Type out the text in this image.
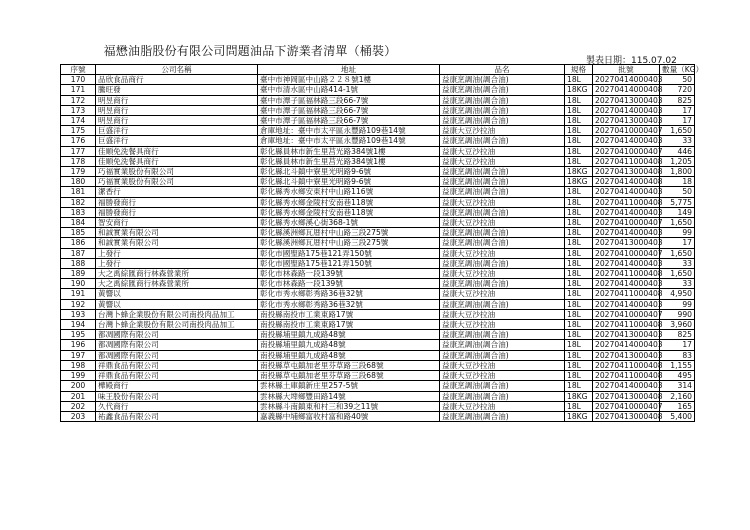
福懋油脂股份有限公司問題油品下游業者清單（桶裝）
製表日期：115.07.02
序號	公司名稱	地址	品名	規格	批號	數量（KG）
170	品欣食品商行	臺中市神岡區中山路２２８號1樓	益康烹調油(調合油)	18L	20270414000403	50
171	騰旺發	臺中市清水區中山路414-1號	益康烹調油(調合油)	18KG	20270414000408	720
172	明昱商行	臺中市潭子區福林路三段66-7號	益康烹調油(調合油)	18L	20270413000403	825
173	明昱商行	臺中市潭子區福林路三段66-7號	益康烹調油(調合油)	18L	20270414000403	17
174	明昱商行	臺中市潭子區福林路三段66-7號	益康烹調油(調合油)	18L	20270413000403	17
175	巨盛洋行	倉庫地址：臺中市太平區永豐路109巷14號	益康大豆沙拉油	18L	20270410000407	1,650
176	巨盛洋行	倉庫地址：臺中市太平區永豐路109巷14號	益康烹調油(調合油)	18L	20270414000403	33
177	佳順免洗餐具商行	彰化縣員林市新生里莒光路384號1樓	益康大豆沙拉油	18L	20270410000407	446
178	佳順免洗餐具商行	彰化縣員林市新生里莒光路384號1樓	益康大豆沙拉油	18L	20270411000408	1,205
179	巧福實業股份有限公司	彰化縣北斗鎮中寮里光明路9-6號	益康烹調油(調合油)	18KG	20270413000408	1,800
180	巧福實業股份有限公司	彰化縣北斗鎮中寮里光明路9-6號	益康烹調油(調合油)	18KG	20270414000408	18
181	潔香行	彰化縣秀水鄉安東村中山路116號	益康烹調油(調合油)	18L	20270414000403	50
182	福勝發商行	彰化縣秀水鄉金陵村安南巷118號	益康大豆沙拉油	18L	20270411000408	5,775
183	福勝發商行	彰化縣秀水鄉金陵村安南巷118號	益康烹調油(調合油)	18L	20270414000403	149
184	智安商行	彰化縣秀水鄉溪心街368-1號	益康大豆沙拉油	18L	20270410000407	1,650
185	和誠實業有限公司	彰化縣溪洲鄉瓦厝村中山路三段275號	益康烹調油(調合油)	18L	20270414000403	99
186	和誠實業有限公司	彰化縣溪洲鄉瓦厝村中山路三段275號	益康烹調油(調合油)	18L	20270413000403	17
187	上發行	彰化市國聖路175巷121弄150號	益康大豆沙拉油	18L	20270410000407	1,650
188	上發行	彰化市國聖路175巷121弄150號	益康烹調油(調合油)	18L	20270414000403	33
189	大之禹綜匯商行林森營業所	彰化市林森路一段139號	益康大豆沙拉油	18L	20270411000408	1,650
190	大之禹綜匯商行林森營業所	彰化市林森路一段139號	益康烹調油(調合油)	18L	20270414000403	33
191	黃響以	彰化市秀水鄉彰秀路36巷32號	益康大豆沙拉油	18L	20270411000408	4,950
192	黃響以	彰化市秀水鄉彰秀路36巷32號	益康烹調油(調合油)	18L	20270414000403	99
193	台灣卜蜂企業股份有限公司南投肉品加工	南投縣南投市工業東路17號	益康大豆沙拉油	18L	20270410000407	990
194	台灣卜蜂企業股份有限公司南投肉品加工	南投縣南投市工業東路17號	益康大豆沙拉油	18L	20270411000408	3,960
195	都凋國際有限公司	南投縣埔里鎮九成路48號	益康烹調油(調合油)	18L	20270413000403	825
196	都凋國際有限公司	南投縣埔里鎮九成路48號	益康烹調油(調合油)	18L	20270414000403	17
197	都凋國際有限公司	南投縣埔里鎮九成路48號	益康烹調油(調合油)	18L	20270413000403	83
198	祥鼎食品有限公司	南投縣草屯鎮加老里芬草路三段68號	益康大豆沙拉油	18L	20270411000408	1,155
199	祥鼎食品有限公司	南投縣草屯鎮加老里芬草路三段68號	益康大豆沙拉油	18L	20270411000408	495
200	樺殿商行	雲林縣土庫鎮新庄里257-5號	益康烹調油(調合油)	18L	20270414000403	314
201	味王股份有限公司	雲林縣大埤鄉豐田路14號	益康烹調油(調合油)	18KG	20270413000408	2,160
202	久代商行	雲林縣斗南鎮東和村三和39之11號	益康大豆沙拉油	18L	20270410000407	165
203	祐鑫食品有限公司	嘉義縣中埔鄉富收村富和路40號	益康烹調油(調合油)	18KG	20270413000408	5,400
